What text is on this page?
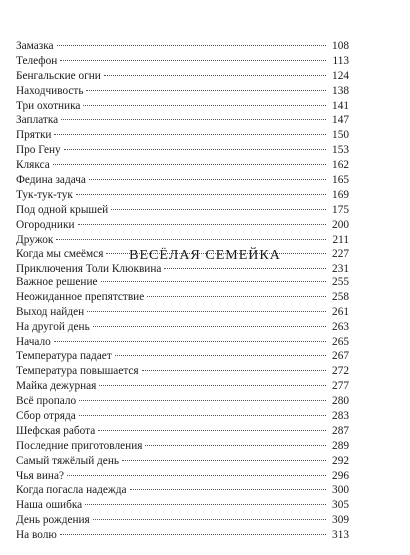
Замазка	108
Телефон	113
Бенгальские огни	124
Находчивость	138
Три охотника	141
Заплатка	147
Прятки	150
Про Гену	153
Клякса	162
Федина задача	165
Тук-тук-тук	169
Под одной крышей	175
Огородники	200
Дружок	211
Когда мы смеёмся	227
Приключения Толи Клюквина	231
ВЕСЁЛАЯ СЕМЕЙКА
Важное решение	255
Неожиданное препятствие	258
Выход найден	261
На другой день	263
Начало	265
Температура падает	267
Температура повышается	272
Майка дежурная	277
Всё пропало	280
Сбор отряда	283
Шефская работа	287
Последние приготовления	289
Самый тяжёлый день	292
Чья вина?	296
Когда погасла надежда	300
Наша ошибка	305
День рождения	309
На волю	313
